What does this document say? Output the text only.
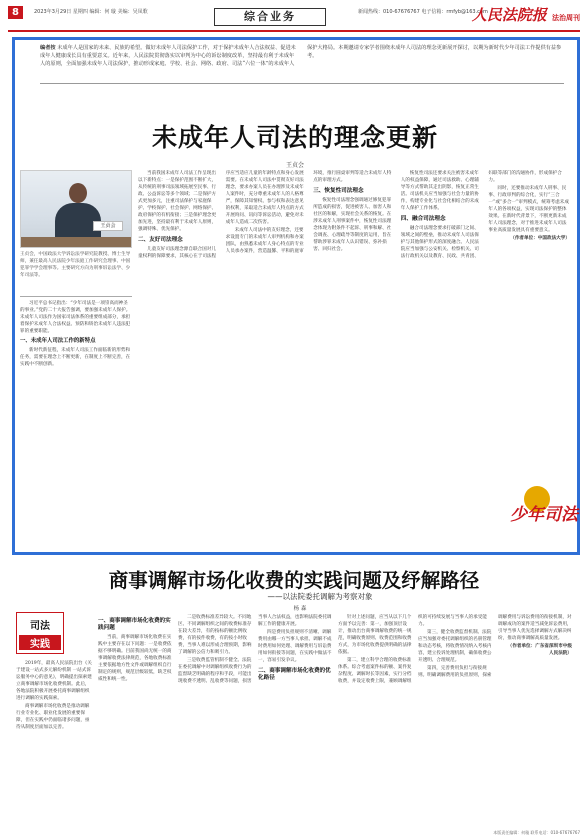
8	2023年3月29日 星期四 编辑：何 璇 美编：吴凤歌	综合业务	新闻热线：010-67676767 电子信箱：rmfyb@163.com
人民法院报 法治周刊
编者按 未成年人是国家的未来、民族的希望。做好未成年人司法保护工作，对于保护未成年人合法权益、促进未成年人健康成长具有重要意义。近年来，人民法院贯彻落实以审判为中心的诉讼制度改革，坚持最有利于未成年人的原则，全面加强未成年人司法保护，推动形成家庭、学校、社会、网络、政府、司法“六位一体”的未成年人保护大格局。本期邀请专家学者围绕未成年人司法的理念更新展开探讨，以期为新时代少年司法工作提供有益参考。
未成年人司法的理念更新
王贞会
王贞会
王贞会，中国政法大学诉讼法学研究院教授、博士生导师，兼任最高人民法院少年法庭工作研究会理事、中国犯罪学学会理事等。主要研究方向为刑事诉讼法学、少年司法等。

习近平总书记指出：“少年司法是一项崇高而神圣的事业。”党的二十大报告强调，要加强未成年人保护。未成年人司法作为国家司法体系的重要组成部分，承担着保护未成年人合法权益、预防和矫治未成年人违法犯罪的重要职能。

一、未成年人司法工作的新特点

新时代新征程，未成年人司法工作面临新的形势和任务，需要在理念上不断更新，在制度上不断完善，在实践中不断创新。

当前我国未成年人司法工作呈现出以下新特点：一是保护范围不断扩大，从传统的刑事司法领域拓展至民事、行政、公益诉讼等多个领域；二是保护方式更加多元，注重司法保护与家庭保护、学校保护、社会保护、网络保护、政府保护的有机衔接；三是保护理念更加先进，坚持最有利于未成年人原则，强调特殊、优先保护。

二、友好司法理念

儿童友好司法理念源自联合国对儿童权利的保障要求，其核心在于司法程序应当适应儿童的年龄特点和身心发展需要。在未成年人司法中贯彻友好司法理念，要求办案人员在办理涉及未成年人案件时，充分尊重未成年人的人格尊严，保障其知情权、参与权和表达意见的权利，采取适合未成年人特点的方式开展询问、讯问等诉讼活动，避免对未成年人造成二次伤害。

未成年人司法中的友好理念，还要求设置专门的未成年人审判机构和办案团队，由熟悉未成年人身心特点的专业人员承办案件，营造温馨、平和的庭审环境，推行圆桌审判等适合未成年人特点的审理方式。

三、恢复性司法理念

恢复性司法理念强调通过修复犯罪所造成的损害，促进被害人、加害人和社区的和解，实现社会关系的恢复。在涉未成年人刑事案件中，恢复性司法理念体现为附条件不起诉、刑事和解、社会调查、心理疏导等制度的运用，旨在帮助涉罪未成年人认识错误、弥补损害、回归社会。

恢复性司法还要求关注被害未成年人的权益保障，通过司法救助、心理辅导等方式帮助其走出阴影，恢复正常生活。司法机关应当加强与社会力量的协作，构建专业化与社会化相结合的未成年人保护工作体系。

四、融合司法理念

融合司法理念要求打破部门之间、领域之间的壁垒，推动未成年人司法保护与其他保护形式的深度融合。人民法院应当加强与公安机关、检察机关、司法行政机关以及教育、民政、共青团、妇联等部门的沟通协作，形成保护合力。

同时，还要推动未成年人刑事、民事、行政审判的综合化，实行“三合一”或“多合一”审判模式，统筹考虑未成年人的各项权益，实现司法保护的整体效果。在新时代背景下，不断更新未成年人司法理念，对于推进未成年人司法事业高质量发展具有重要意义。

（作者单位：中国政法大学）

少年司法
商事调解市场化收费的实践问题及纾解路径
——以法院委托调解为考察对象
杨 森
司法
实践

2019年，最高人民法院出台《关于建设一站式多元解纷机制 一站式诉讼服务中心的意见》，明确提出探索建立商事调解市场化收费机制。此后，各地法院积极开展委托商事调解组织进行调解的实践探索。

商事调解市场化收费是推动调解行业专业化、职业化发展的重要保障，但在实践中仍面临诸多问题，亟待从制度层面加以完善。

一、商事调解市场化收费的实践问题

当前，商事调解市场化收费在实践中主要存在以下问题：一是收费依据不够明确。目前我国尚无统一的商事调解收费法律规范，各地收费标准主要依据地方性文件或调解组织自行制定的规则，规范层级较低，缺乏权威性和统一性。

二是收费标准差异较大。不同地区、不同调解组织之间的收费标准存在较大差异，有的按标的额比例收费，有的按件收费，有的按小时收费，当事人难以形成合理预期，影响了调解的公信力和吸引力。

三是收费监管机制不健全。法院在委托调解中对调解组织收费行为的监督缺乏明确的程序和手段，可能出现收费不透明、乱收费等问题，损害当事人合法权益，也影响法院委托调解工作的健康开展。

四是费用负担规则不清晰。调解费用由哪一方当事人承担、调解不成时费用如何处理、调解费用与诉讼费用如何衔接等问题，在实践中做法不一，容易引发争议。

二、商事调解市场化收费的优化路径

针对上述问题，应当从以下几个方面予以完善：第一，加强顶层设计，推动出台商事调解收费的统一规范，明确收费原则、收费范围和收费方式，为市场化收费提供明确的法律依据。

第二，建立科学合理的收费标准体系。综合考虑案件标的额、案件复杂程度、调解时长等因素，实行分档收费，并设定收费上限，兼顾调解组织的可持续发展与当事人的承受能力。

第三，健全收费监督机制。法院应当加强对委托调解组织的名册管理和动态考核，将收费情况纳入考核内容，建立投诉处理机制，确保收费公开透明、合理规范。

第四，完善费用负担与衔接规则。明确调解费用的负担原则，探索调解费用与诉讼费用的衔接机制，对调解成功的案件适当减免诉讼费用，引导当事人优先选择调解方式解决纠纷，推动商事调解高质量发展。

（作者单位：广东省深圳市中级人民法院）

本版责任编辑：何璇 联系电话：010-67676767
